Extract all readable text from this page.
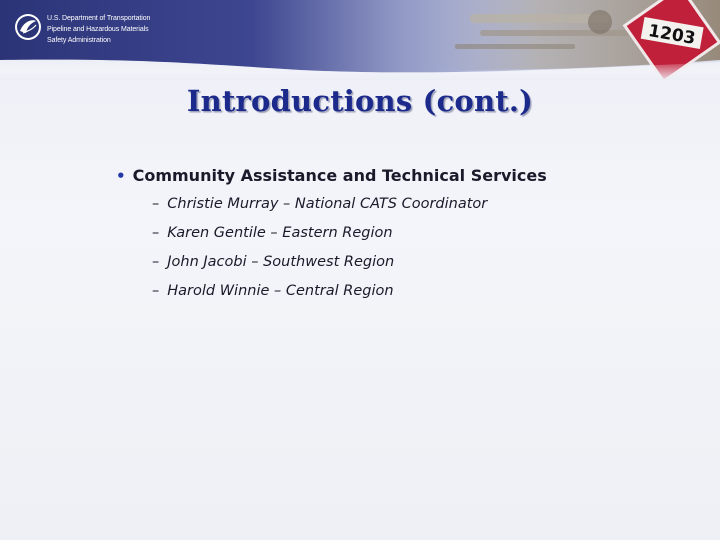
U.S. Department of Transportation
Pipeline and Hazardous Materials
Safety Administration	1203
Introductions (cont.)
• Community Assistance and Technical Services
– Christie Murray – National CATS Coordinator
– Karen Gentile – Eastern Region
– John Jacobi – Southwest Region
– Harold Winnie – Central Region
